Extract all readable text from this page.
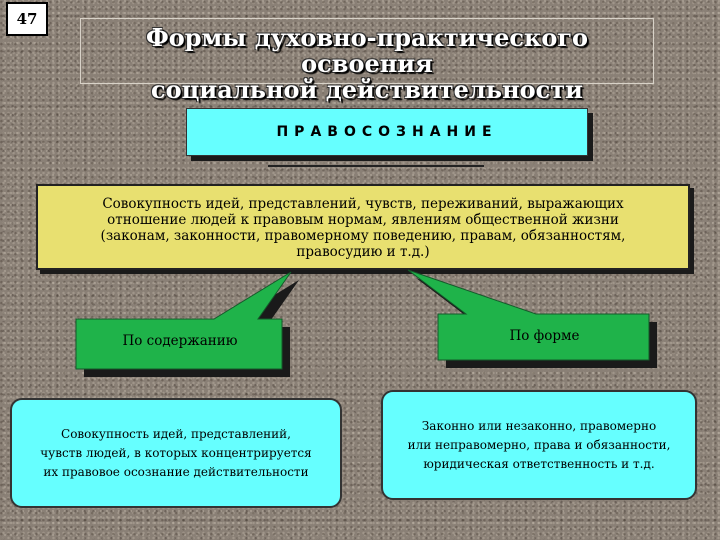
47
Формы духовно-практического освоения
социальной действительности
ПРАВОСОЗНАНИЕ
Совокупность идей, представлений, чувств, переживаний, выражающих
отношение людей к правовым нормам, явлениям общественной жизни
(законам, законности, правомерному поведению, правам, обязанностям,
правосудию и т.д.)
По содержанию	По форме
Совокупность идей, представлений,
чувств людей, в которых концентрируется
их правовое осознание действительности
Законно или незаконно, правомерно
или неправомерно, права и обязанности,
юридическая ответственность и т.д.
